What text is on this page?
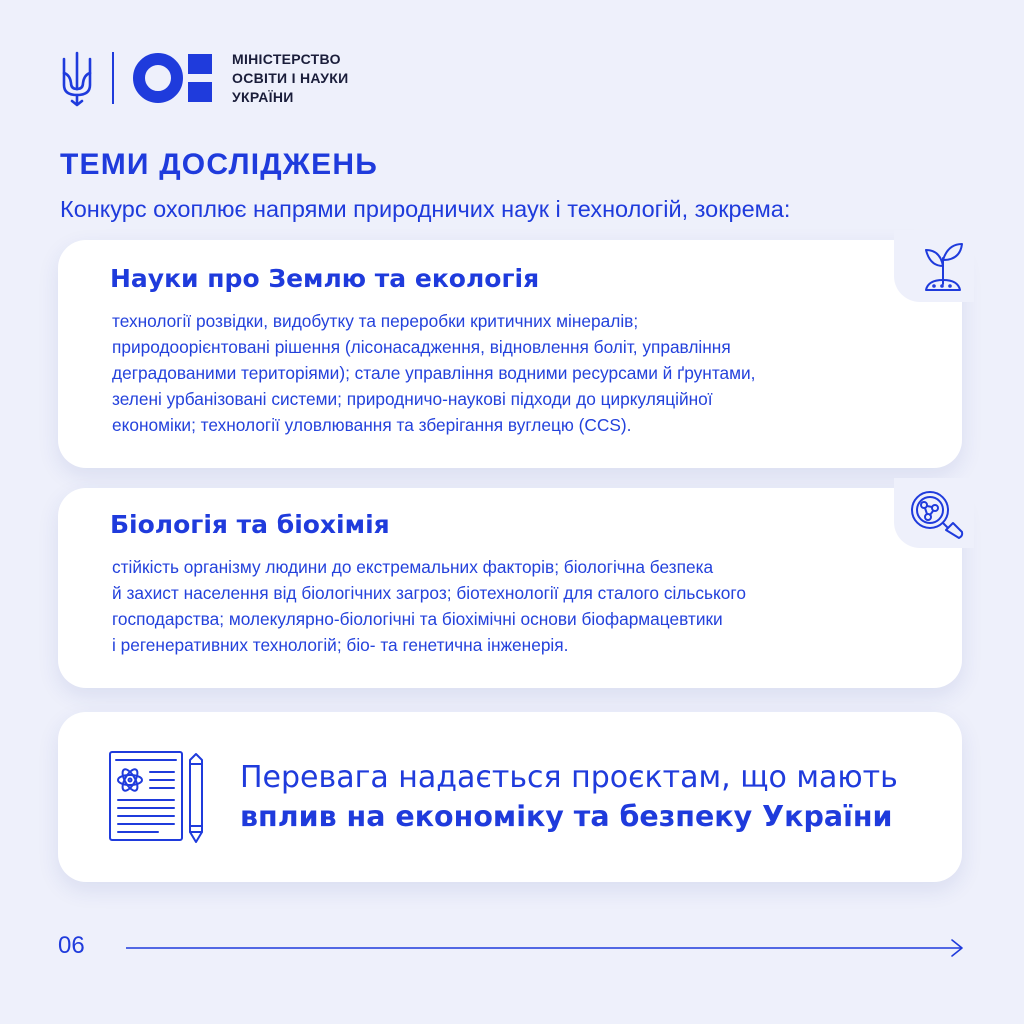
МІНІСТЕРСТВО
ОСВІТИ І НАУКИ
УКРАЇНИ
ТЕМИ ДОСЛІДЖЕНЬ
Конкурс охоплює напрями природничих наук і технологій, зокрема:
Науки про Землю та екологія
технології розвідки, видобутку та переробки критичних мінералів;
природоорієнтовані рішення (лісонасадження, відновлення боліт, управління
деградованими територіями); стале управління водними ресурсами й ґрунтами,
зелені урбанізовані системи; природничо-наукові підходи до циркуляційної
економіки; технології уловлювання та зберігання вуглецю (CCS).
Біологія та біохімія
стійкість організму людини до екстремальних факторів; біологічна безпека
й захист населення від біологічних загроз; біотехнології для сталого сільського
господарства; молекулярно-біологічні та біохімічні основи біофармацевтики
і регенеративних технологій; біо- та генетична інженерія.
Перевага надається проєктам, що мають
вплив на економіку та безпеку України
06
